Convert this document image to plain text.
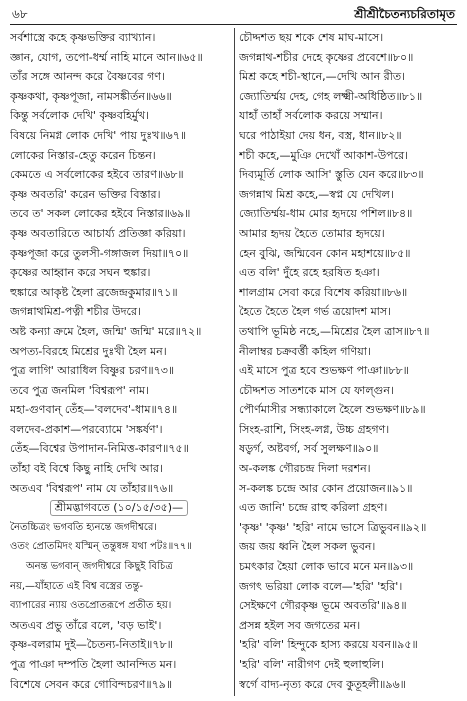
৬৮	শ্রীশ্রীচৈতন্যচরিতামৃত
সর্বশাস্ত্রে কহে কৃষ্ণভক্তির ব্যাখ্যান।
জ্ঞান, যোগ, তপো-ধর্ম্ম নাহি মানে আন॥৬৫॥
তাঁর সঙ্গে আনন্দ করে বৈষ্ণবের গণ।
কৃষ্ণকথা, কৃষ্ণপূজা, নামসঙ্কীর্তন॥৬৬॥
কিন্তু সর্বলোক দেখি' কৃষ্ণবহির্মুখ।
বিষয়ে নিমগ্ন লোক দেখি' পায় দুঃখ॥৬৭॥
লোকের নিস্তার-হেতু করেন চিন্তন।
কেমতে এ সর্বলোকের হইবে তারণ॥৬৮॥
কৃষ্ণ অবতরি' করেন ভক্তির বিস্তার।
তবে ত' সকল লোকের হইবে নিস্তার॥৬৯॥
কৃষ্ণ অবতারিতে আচার্য্য প্রতিজ্ঞা করিয়া।
কৃষ্ণপূজা করে তুলসী-গঙ্গাজল দিয়া॥৭০॥
কৃষ্ণের আহ্বান করে সঘন হুঙ্কার।
হুঙ্কারে আকৃষ্ট হৈলা ব্রজেন্দ্রকুমার॥৭১॥
জগন্নাথমিশ্র-পত্নী শচীর উদরে।
অষ্ট কন্যা ক্রমে হৈল, জন্মি' জন্মি' মরে॥৭২॥
অপত্য-বিরহে মিশ্রের দুঃখী হৈল মন।
পুত্র লাগি' আরাধিল বিষ্ণুর চরণ॥৭৩॥
তবে পুত্র জনমিল 'বিশ্বরূপ' নাম।
মহা-গুণবান্ তেঁহ—'বলদেব'-ধাম॥৭৪॥
বলদেব-প্রকাশ—পরব্যোমে 'সঙ্কর্ষণ'।
তেঁহ—বিশ্বের উপাদান-নিমিত্ত-কারণ॥৭৫॥
তাঁহা বই বিশ্বে কিছু নাহি দেখি আর।
অতএব 'বিশ্বরূপ' নাম যে তাঁহার॥৭৬॥
শ্রীমদ্ভাগবতে (১০/১৫/৩৫)—
নৈতচ্চিত্রং ভগবতি হ্যনন্তে জগদীশ্বরে।
ওতং প্রোতমিদং যস্মিন্ তন্তুষ্বঙ্গ যথা পটঃ॥৭৭॥
অনন্ত ভগবান্ জগদীশ্বরে কিছুই বিচিত্র
নয়,—যাঁহাতে এই বিশ্ব বস্ত্রের তন্তু-
ব্যাপারের ন্যায় ওতপ্রোতরূপে প্রতীত হয়।
অতএব প্রভু তাঁরে বলে, 'বড় ভাই'।
কৃষ্ণ-বলরাম দুই—চৈতন্য-নিতাই॥৭৮॥
পুত্র পাঞা দম্পতি হৈলা আনন্দিত মন।
বিশেষে সেবন করে গোবিন্দচরণ॥৭৯॥
চৌদ্দশত ছয় শকে শেষ মাঘ-মাসে।
জগন্নাথ-শচীর দেহে কৃষ্ণের প্রবেশে॥৮০॥
মিশ্র কহে শচী-স্থানে,—দেখি আন রীত।
জ্যোতির্ম্ময় দেহ, গেহ লক্ষ্মী-অধিষ্ঠিত॥৮১॥
যাহাঁ তাহাঁ সর্বলোক করয়ে সম্মান।
ঘরে পাঠাইয়া দেয় ধন, বস্ত্র, ধান॥৮২॥
শচী কহে,—মুঞি দেখোঁ আকাশ-উপরে।
দিব্যমূর্তি লোক আসি' স্তুতি যেন করে॥৮৩॥
জগন্নাথ মিশ্র কহে,—স্বপ্ন যে দেখিল।
জ্যোতির্ম্ময়-ধাম মোর হৃদয়ে পশিল॥৮৪॥
আমার হৃদয় হৈতে তোমার হৃদয়ে।
হেন বুঝি, জন্মিবেন কোন মহাশয়ে॥৮৫॥
এত বলি' দুঁহে রহে হরষিত হঞা।
শালগ্রাম সেবা করে বিশেষ করিয়া॥৮৬॥
হৈতে হৈতে হৈল গর্ভ ত্রয়োদশ মাস।
তথাপি ভূমিষ্ঠ নহে,—মিশ্রের হৈল ত্রাস॥৮৭॥
নীলাম্বর চক্রবর্ত্তী কহিল গণিয়া।
এই মাসে পুত্র হবে শুভক্ষণ পাঞা॥৮৮॥
চৌদ্দশত সাতশকে মাস যে ফাল্গুন।
পৌর্ণমাসীর সন্ধ্যাকালে হৈলে শুভক্ষণ॥৮৯॥
সিংহ-রাশি, সিংহ-লগ্ন, উচ্চ গ্রহগণ।
ষড্বর্গ, অষ্টবর্গ, সর্ব সুলক্ষণ॥৯০॥
অ-কলঙ্ক গৌরচন্দ্র দিলা দরশন।
স-কলঙ্ক চন্দ্রে আর কোন প্রয়োজন॥৯১॥
এত জানি' চন্দ্রে রাহু করিলা গ্রহণ।
'কৃষ্ণ' 'কৃষ্ণ' 'হরি' নামে ভাসে ত্রিভুবন॥৯২॥
জয় জয় ধ্বনি হৈল সকল ভুবন।
চমৎকার হৈয়া লোক ভাবে মনে মন॥৯৩॥
জগৎ ভরিয়া লোক বলে—'হরি' 'হরি'।
সেইক্ষণে গৌরকৃষ্ণ ভূমে অবতরি'॥৯৪॥
প্রসন্ন হইল সব জগতের মন।
'হরি' বলি' হিন্দুকে হাস্য করয়ে যবন॥৯৫॥
'হরি' বলি' নারীগণ দেই হুলাহুলি।
স্বর্গে বাদ্য-নৃত্য করে দেব কুতূহলী॥৯৬॥
